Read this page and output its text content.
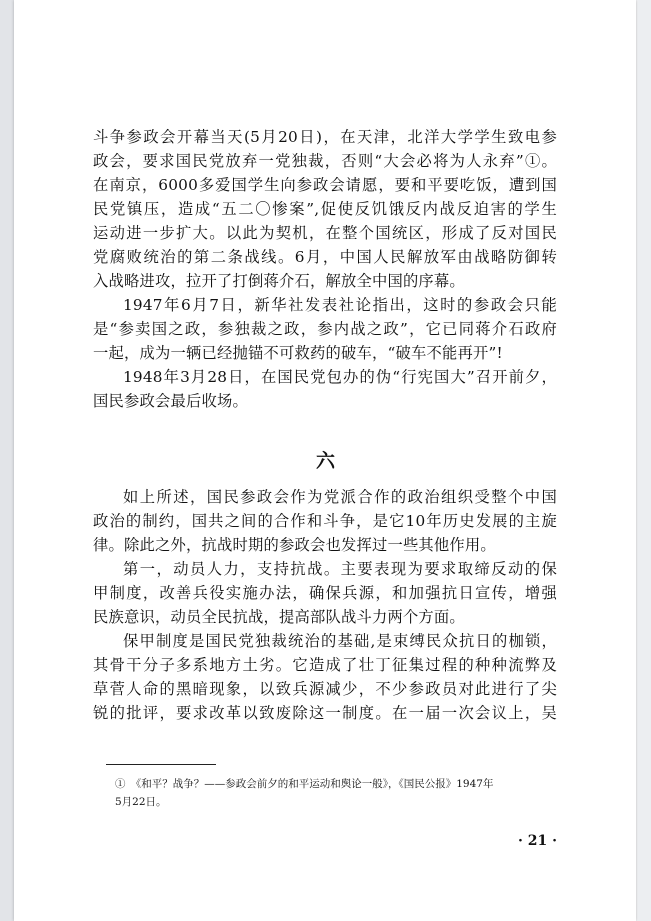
斗争参政会开幕当天(5月20日)，在天津，北洋大学学生致电参
政会，要求国民党放弃一党独裁，否则“大会必将为人永弃”①。
在南京，6000多爱国学生向参政会请愿，要和平要吃饭，遭到国
民党镇压，造成“五二〇惨案”,促使反饥饿反内战反迫害的学生
运动进一步扩大。以此为契机，在整个国统区，形成了反对国民
党腐败统治的第二条战线。6月，中国人民解放军由战略防御转
入战略进攻，拉开了打倒蒋介石，解放全中国的序幕。
1947年6月7日，新华社发表社论指出，这时的参政会只能
是“参卖国之政，参独裁之政，参内战之政”，它已同蒋介石政府
一起，成为一辆已经抛锚不可救药的破车，“破车不能再开”!
1948年3月28日，在国民党包办的伪“行宪国大”召开前夕，
国民参政会最后收场。
六
如上所述，国民参政会作为党派合作的政治组织受整个中国
政治的制约，国共之间的合作和斗争，是它10年历史发展的主旋
律。除此之外，抗战时期的参政会也发挥过一些其他作用。
第一，动员人力，支持抗战。主要表现为要求取缔反动的保
甲制度，改善兵役实施办法，确保兵源，和加强抗日宣传，增强
民族意识，动员全民抗战，提高部队战斗力两个方面。
保甲制度是国民党独裁统治的基础,是束缚民众抗日的枷锁，
其骨干分子多系地方土劣。它造成了壮丁征集过程的种种流弊及
草菅人命的黑暗现象，以致兵源减少，不少参政员对此进行了尖
锐的批评，要求改革以致废除这一制度。在一届一次会议上，吴
①　《和平？战争？——参政会前夕的和平运动和舆论一般》，《国民公报》1947年
5月22日。
· 21 ·
